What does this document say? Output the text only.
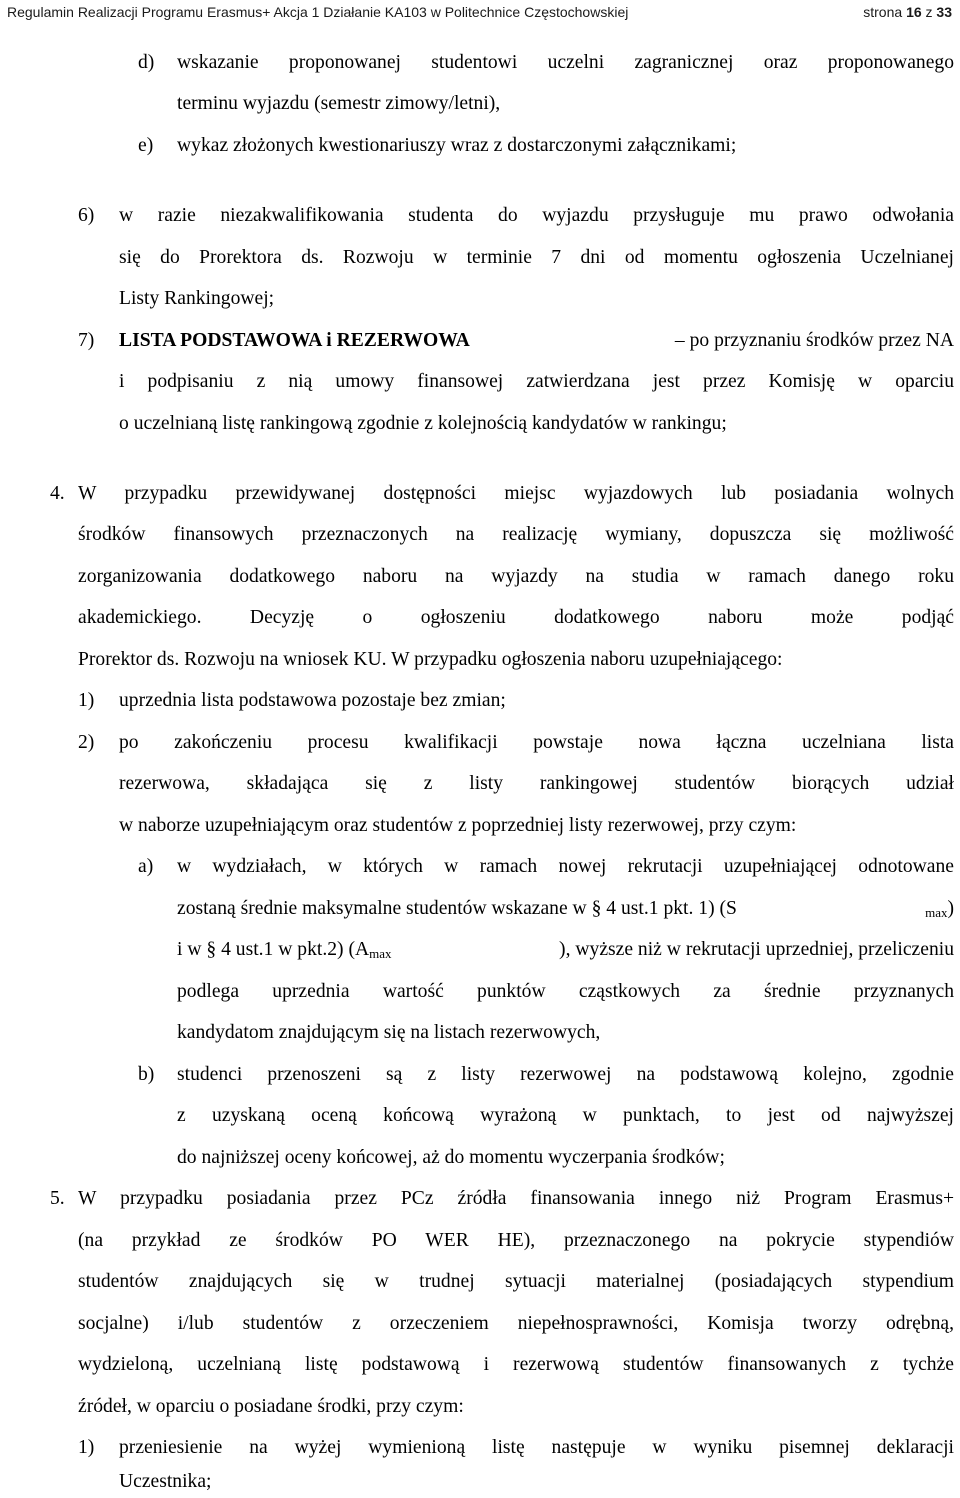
Regulamin Realizacji Programu Erasmus+ Akcja 1 Działanie KA103 w Politechnice Częstochowskiej	strona 16 z 33
d) wskazanie proponowanej studentowi uczelni zagranicznej oraz proponowanego
terminu wyjazdu (semestr zimowy/letni),
e) wykaz złożonych kwestionariuszy wraz z dostarczonymi załącznikami;
6) w razie niezakwalifikowania studenta do wyjazdu przysługuje mu prawo odwołania
się do Prorektora ds. Rozwoju w terminie 7 dni od momentu ogłoszenia Uczelnianej
Listy Rankingowej;
7) LISTA PODSTAWOWA i REZERWOWA	– po przyznaniu środków przez NA
i podpisaniu z nią umowy finansowej zatwierdzana jest przez Komisję w oparciu
o uczelnianą listę rankingową zgodnie z kolejnością kandydatów w rankingu;
4. W przypadku przewidywanej dostępności miejsc wyjazdowych lub posiadania wolnych
środków finansowych przeznaczonych na realizację wymiany, dopuszcza się możliwość
zorganizowania dodatkowego naboru na wyjazdy na studia w ramach danego roku
akademickiego. Decyzję o ogłoszeniu dodatkowego naboru może podjąć
Prorektor ds. Rozwoju na wniosek KU. W przypadku ogłoszenia naboru uzupełniającego:
1) uprzednia lista podstawowa pozostaje bez zmian;
2) po zakończeniu procesu kwalifikacji powstaje nowa łączna uczelniana lista
rezerwowa, składająca się z listy rankingowej studentów biorących udział
w naborze uzupełniającym oraz studentów z poprzedniej listy rezerwowej, przy czym:
a) w wydziałach, w których w ramach nowej rekrutacji uzupełniającej odnotowane
zostaną średnie maksymalne studentów wskazane w § 4 ust.1 pkt. 1) (S	$_{max}$)
i w § 4 ust.1 w pkt.2) ($A_{max}$	), wyższe niż w rekrutacji uprzedniej, przeliczeniu
podlega uprzednia wartość punktów cząstkowych za średnie przyznanych
kandydatom znajdującym się na listach rezerwowych,
b) studenci przenoszeni są z listy rezerwowej na podstawową kolejno, zgodnie
z uzyskaną oceną końcową wyrażoną w punktach, to jest od najwyższej
do najniższej oceny końcowej, aż do momentu wyczerpania środków;
5. W przypadku posiadania przez PCz źródła finansowania innego niż Program Erasmus+
(na przykład ze środków PO WER HE), przeznaczonego na pokrycie stypendiów
studentów znajdujących się w trudnej sytuacji materialnej (posiadających stypendium
socjalne) i/lub studentów z orzeczeniem niepełnosprawności, Komisja tworzy odrębną,
wydzieloną, uczelnianą listę podstawową i rezerwową studentów finansowanych z tychże
źródeł, w oparciu o posiadane środki, przy czym:
1) przeniesienie na wyżej wymienioną listę następuje w wyniku pisemnej deklaracji
Uczestnika;
